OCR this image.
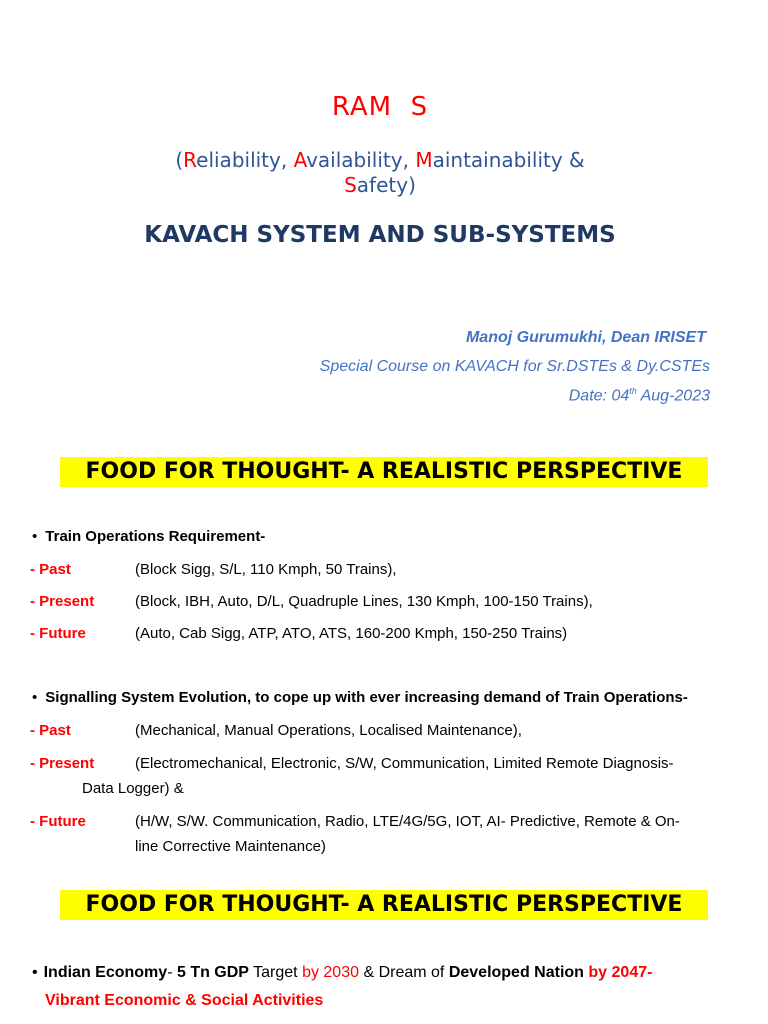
RAM  S
(Reliability, Availability, Maintainability &
Safety)
KAVACH SYSTEM AND SUB-SYSTEMS
Manoj Gurumukhi, Dean IRISET
Special Course on KAVACH for Sr.DSTEs & Dy.CSTEs
Date: 04th Aug-2023
FOOD FOR THOUGHT- A REALISTIC PERSPECTIVE
• Train Operations Requirement-
- Past	(Block Sigg, S/L, 110 Kmph, 50 Trains),
- Present	(Block, IBH, Auto, D/L, Quadruple Lines, 130 Kmph, 100-150 Trains),
- Future	(Auto, Cab Sigg, ATP, ATO, ATS, 160-200 Kmph, 150-250 Trains)
• Signalling System Evolution, to cope up with ever increasing demand of Train Operations-
- Past	(Mechanical, Manual Operations, Localised Maintenance),
- Present	(Electromechanical, Electronic, S/W, Communication, Limited Remote Diagnosis-
Data Logger) &
- Future	(H/W, S/W. Communication, Radio, LTE/4G/5G, IOT, AI- Predictive, Remote & On-
line Corrective Maintenance)
FOOD FOR THOUGHT- A REALISTIC PERSPECTIVE
• Indian Economy- 5 Tn GDP Target by 2030 & Dream of Developed Nation by 2047-
Vibrant Economic & Social Activities
